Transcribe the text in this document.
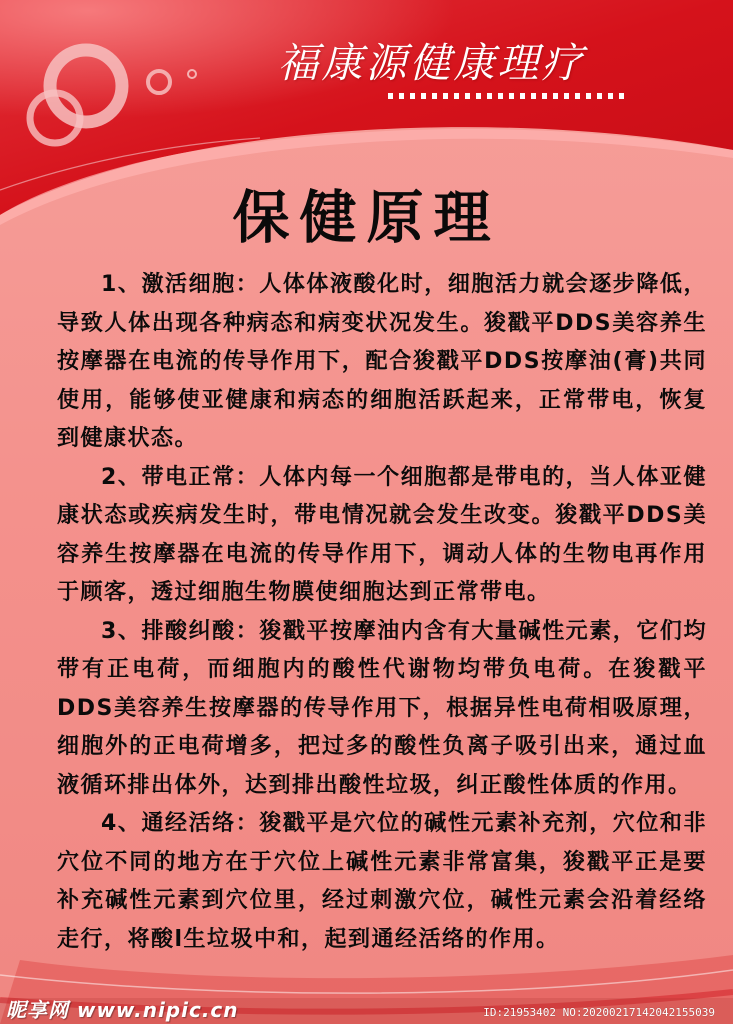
福康源健康理疗
保健原理

1、激活细胞：人体体液酸化时，细胞活力就会逐步降低，导致人体出现各种病态和病变状况发生。狻戳平DDS美容养生按摩器在电流的传导作用下，配合狻戳平DDS按摩油(膏)共同使用，能够使亚健康和病态的细胞活跃起来，正常带电，恢复到健康状态。

2、带电正常：人体内每一个细胞都是带电的，当人体亚健康状态或疾病发生时，带电情况就会发生改变。狻戳平DDS美容养生按摩器在电流的传导作用下，调动人体的生物电再作用于顾客，透过细胞生物膜使细胞达到正常带电。

3、排酸纠酸：狻戳平按摩油内含有大量碱性元素，它们均带有正电荷，而细胞内的酸性代谢物均带负电荷。在狻戳平DDS美容养生按摩器的传导作用下，根据异性电荷相吸原理，细胞外的正电荷增多，把过多的酸性负离子吸引出来，通过血液循环排出体外，达到排出酸性垃圾，纠正酸性体质的作用。

4、通经活络：狻戳平是穴位的碱性元素补充剂，穴位和非穴位不同的地方在于穴位上碱性元素非常富集，狻戳平正是要补充碱性元素到穴位里，经过刺激穴位，碱性元素会沿着经络走行，将酸l生垃圾中和，起到通经活络的作用。

昵享网 www.nipic.cn	ID:21953402 NO:20200217142042155039
